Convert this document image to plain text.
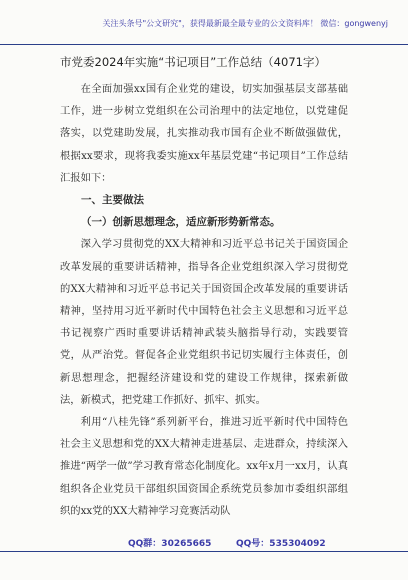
关注头条号"公文研究"，获得最新最全最专业的公文资料库！ 微信：gongwenyj
市党委2024年实施“书记项目”工作总结（4071字）

在全面加强xx国有企业党的建设，切实加强基层支部基础工作，进一步树立党组织在公司治理中的法定地位，以党建促落实，以党建助发展，扎实推动我市国有企业不断做强做优，根据xx要求，现将我委实施xx年基层党建“书记项目”工作总结汇报如下：

一、主要做法

（一）创新思想理念，适应新形势新常态。

深入学习贯彻党的XX大精神和习近平总书记关于国资国企改革发展的重要讲话精神，指导各企业党组织深入学习贯彻党的XX大精神和习近平总书记关于国资国企改革发展的重要讲话精神，坚持用习近平新时代中国特色社会主义思想和习近平总书记视察广西时重要讲话精神武装头脑指导行动，实践要管党，从严治党。督促各企业党组织书记切实履行主体责任，创新思想理念，把握经济建设和党的建设工作规律，探索新做法，新模式，把党建工作抓好、抓牢、抓实。

利用“八桂先锋”系列新平台，推进习近平新时代中国特色社会主义思想和党的XX大精神走进基层、走进群众，持续深入推进“两学一做”学习教育常态化制度化。xx年x月一xx月，认真组织各企业党员干部组织国资国企系统党员参加市委组织部组织的xx党的XX大精神学习竞赛活动队

QQ群：30265665	QQ号：535304092
